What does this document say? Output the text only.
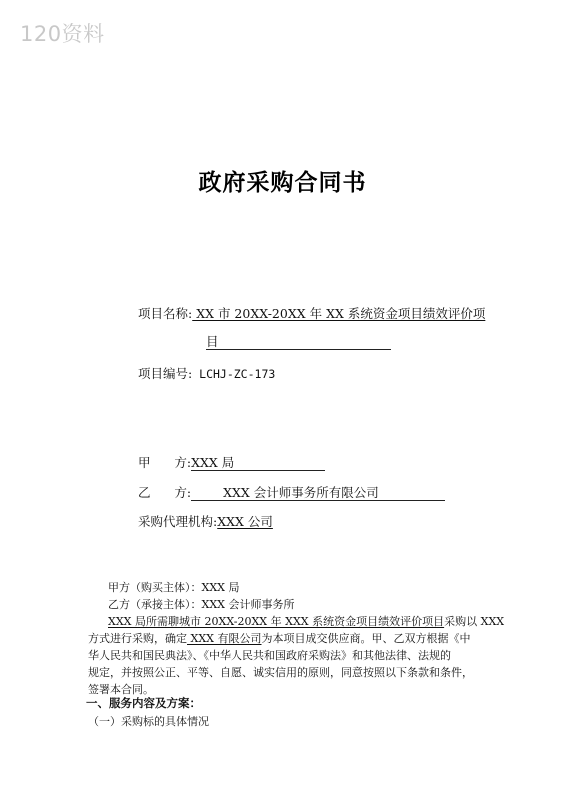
120资料
政府采购合同书
项目名称: XX 市 20XX-20XX 年 XX 系统资金项目绩效评价项
目
项目编号: LCHJ-ZC-173
甲      方:XXX 局
乙      方:	XXX 会计师事务所有限公司
采购代理机构:XXX 公司
甲方（购买主体）：XXX 局
乙方（承接主体）：XXX 会计师事务所
XXX 局所需聊城市 20XX-20XX 年 XXX 系统资金项目绩效评价项目采购以 XXX
方式进行采购，确定 XXX 有限公司为本项目成交供应商。甲、乙双方根据《中
华人民共和国民典法》、《中华人民共和国政府采购法》和其他法律、法规的
规定，并按照公正、平等、自愿、诚实信用的原则，同意按照以下条款和条件，
签署本合同。
一、服务内容及方案：
（一）采购标的具体情况
